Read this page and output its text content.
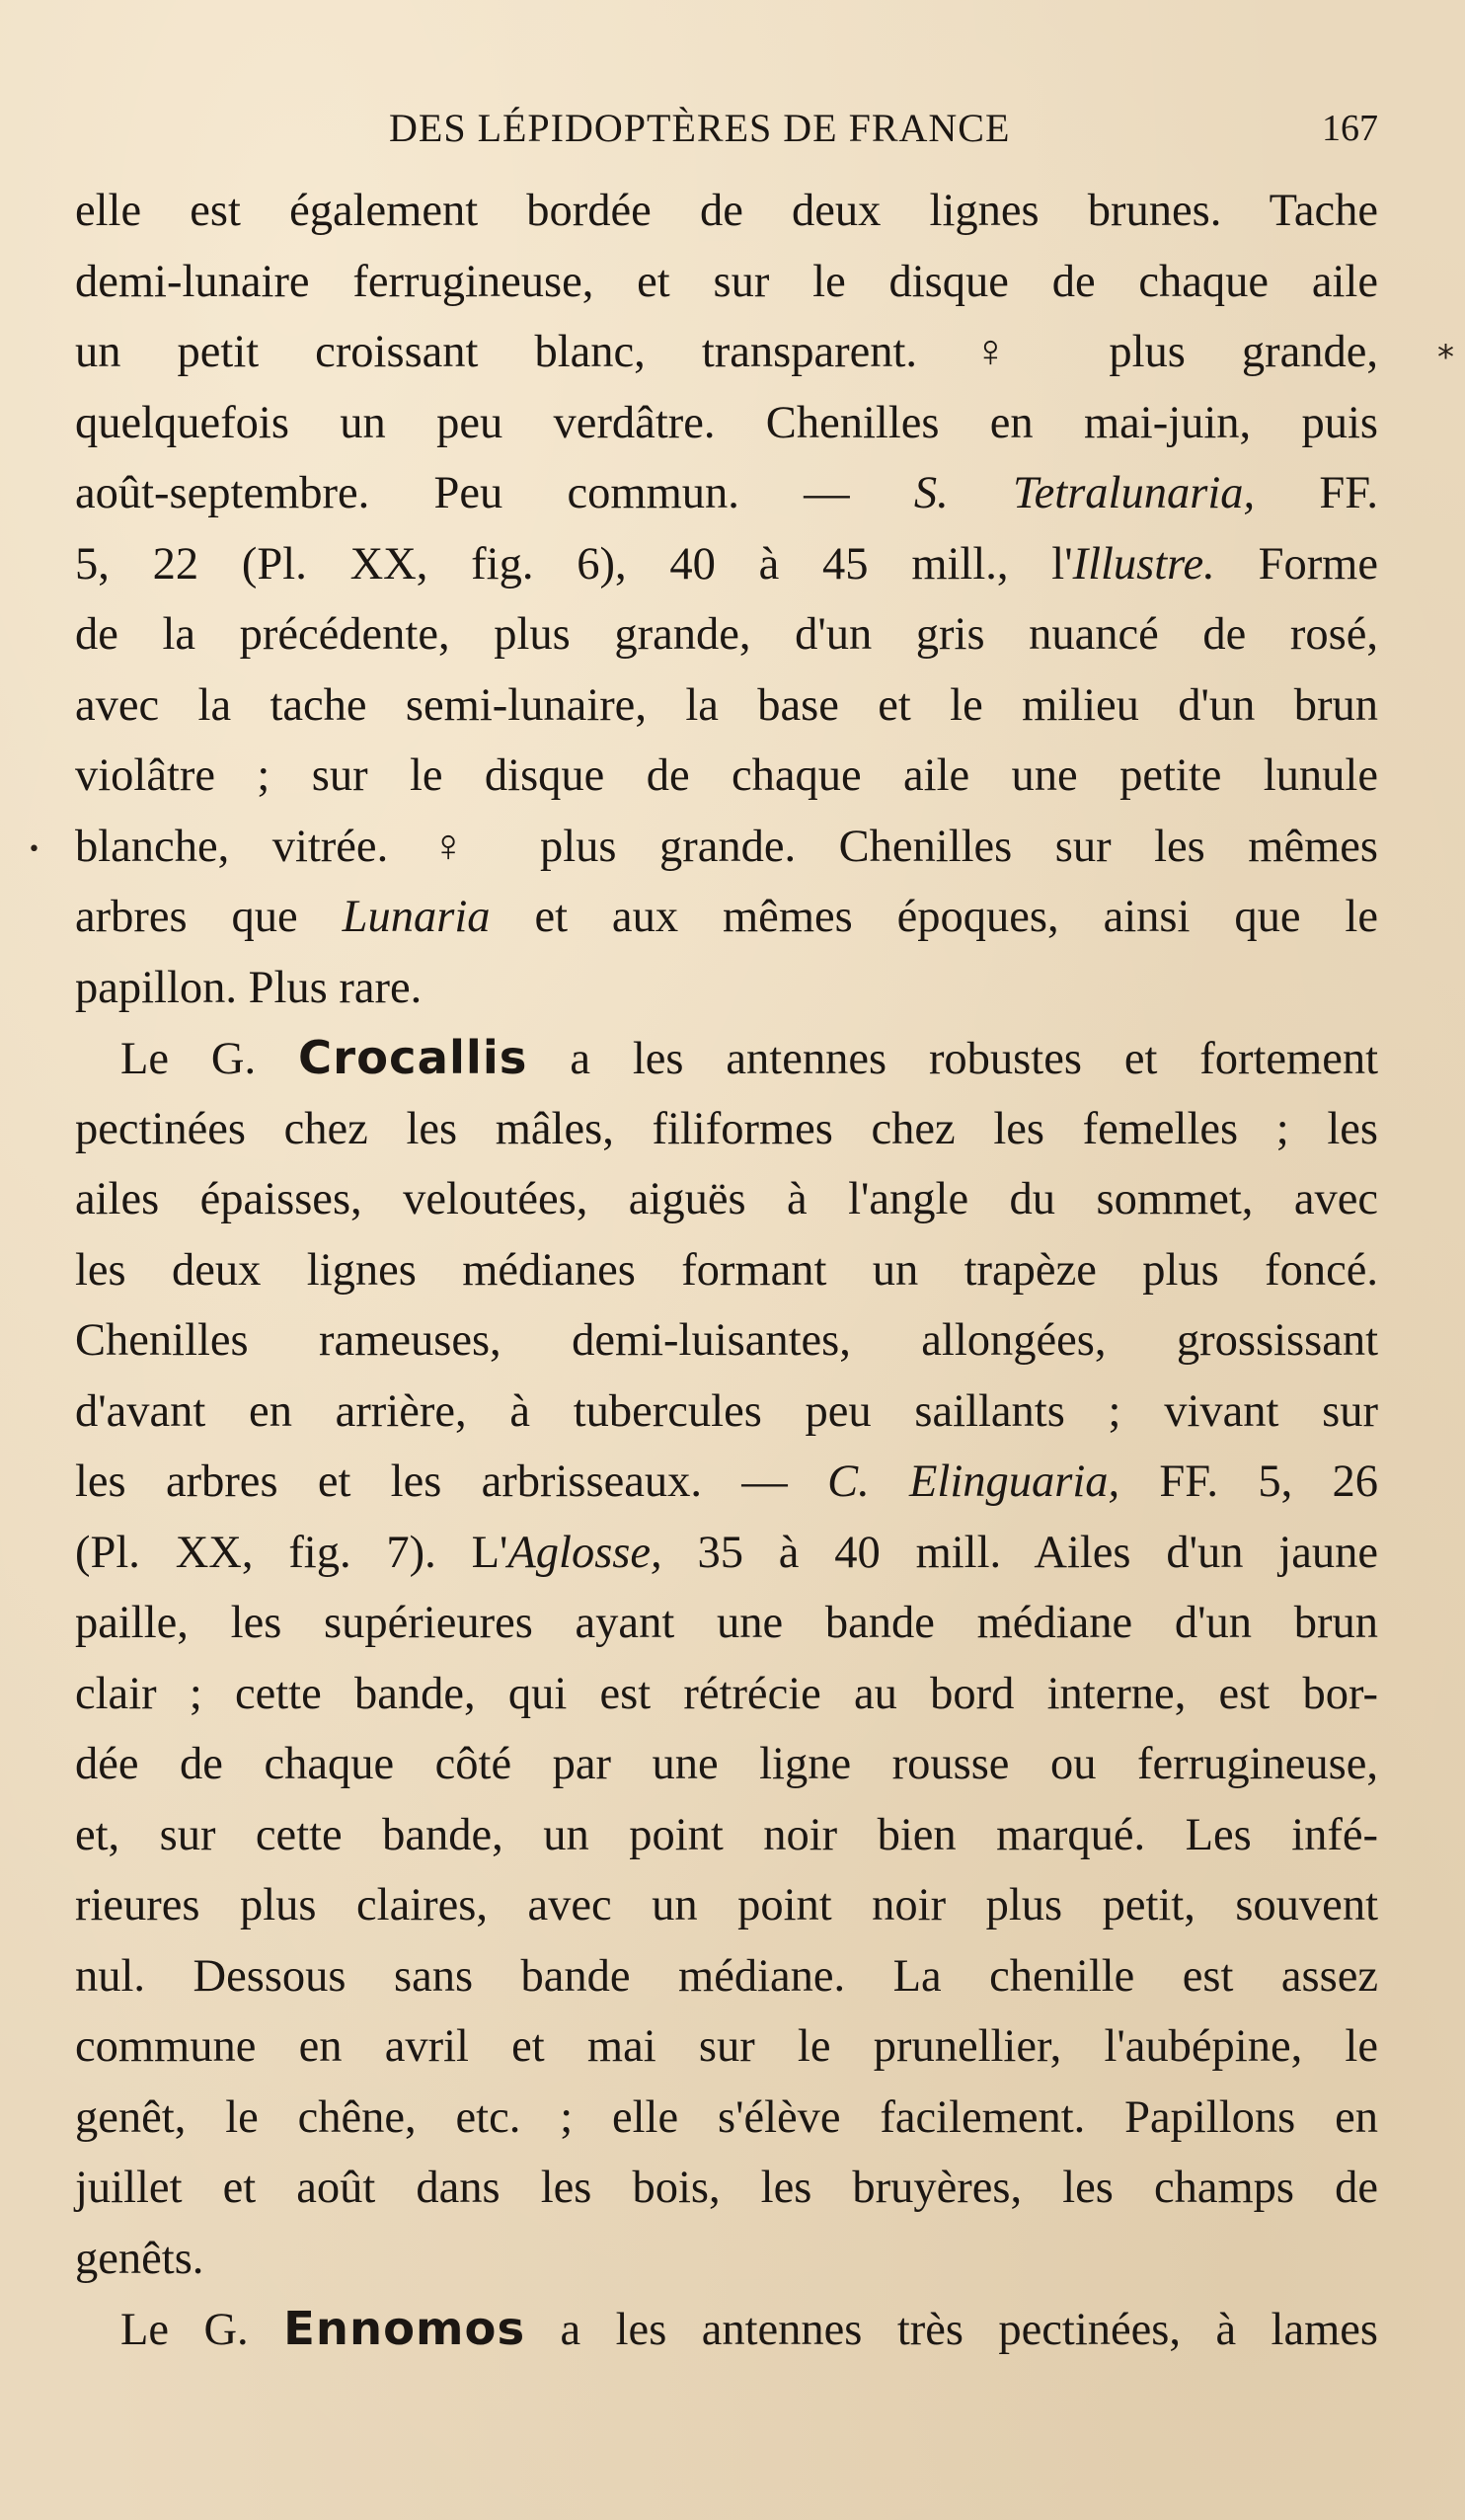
DES LÉPIDOPTÈRES DE FRANCE	167
*
•

elle est également bordée de deux lignes brunes. Tache
demi-lunaire ferrugineuse, et sur le disque de chaque aile
un petit croissant blanc, transparent. ♀ plus grande,
quelquefois un peu verdâtre. Chenilles en mai-juin, puis
août-septembre. Peu commun. — S. Tetralunaria, FF.
5, 22 (Pl. XX, fig. 6), 40 à 45 mill., l'Illustre. Forme
de la précédente, plus grande, d'un gris nuancé de rosé,
avec la tache semi-lunaire, la base et le milieu d'un brun
violâtre ; sur le disque de chaque aile une petite lunule
blanche, vitrée. ♀ plus grande. Chenilles sur les mêmes
arbres que Lunaria et aux mêmes époques, ainsi que le
papillon. Plus rare.

Le G. Crocallis a les antennes robustes et fortement
pectinées chez les mâles, filiformes chez les femelles ; les
ailes épaisses, veloutées, aiguës à l'angle du sommet, avec
les deux lignes médianes formant un trapèze plus foncé.
Chenilles rameuses, demi-luisantes, allongées, grossissant
d'avant en arrière, à tubercules peu saillants ; vivant sur
les arbres et les arbrisseaux. — C. Elinguaria, FF. 5, 26
(Pl. XX, fig. 7). L'Aglosse, 35 à 40 mill. Ailes d'un jaune
paille, les supérieures ayant une bande médiane d'un brun
clair ; cette bande, qui est rétrécie au bord interne, est bor-
dée de chaque côté par une ligne rousse ou ferrugineuse,
et, sur cette bande, un point noir bien marqué. Les infé-
rieures plus claires, avec un point noir plus petit, souvent
nul. Dessous sans bande médiane. La chenille est assez
commune en avril et mai sur le prunellier, l'aubépine, le
genêt, le chêne, etc. ; elle s'élève facilement. Papillons en
juillet et août dans les bois, les bruyères, les champs de
genêts.

Le G. Ennomos a les antennes très pectinées, à lames
